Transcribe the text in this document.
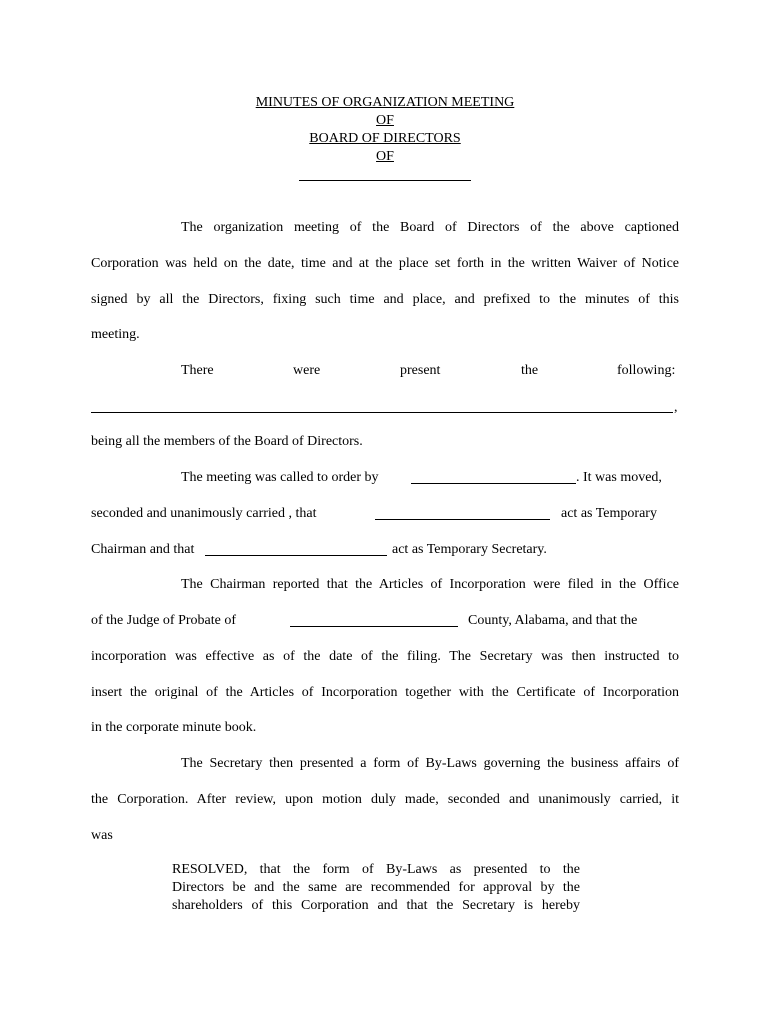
MINUTES OF ORGANIZATION MEETING
OF
BOARD OF DIRECTORS
OF
The organization meeting of the Board of Directors of the above captioned
Corporation was held on the date, time and at the place set forth in the written Waiver of Notice
signed by all the Directors, fixing such time and place, and prefixed to the minutes of this
meeting.
There	were	present	the	following:
,
being all the members of the Board of Directors.
The meeting was called to order by	. It was moved,
seconded and unanimously carried , that	act as Temporary
Chairman and that	act as Temporary Secretary.
The Chairman reported that the Articles of Incorporation were filed in the Office
of the Judge of Probate of	County, Alabama, and that the
incorporation was effective as of the date of the filing. The Secretary was then instructed to
insert the original of the Articles of Incorporation together with the Certificate of Incorporation
in the corporate minute book.
The Secretary then presented a form of By-Laws governing the business affairs of
the Corporation. After review, upon motion duly made, seconded and unanimously carried, it
was
RESOLVED, that the form of By-Laws as presented to the
Directors be and the same are recommended for approval by the
shareholders of this Corporation and that the Secretary is hereby
